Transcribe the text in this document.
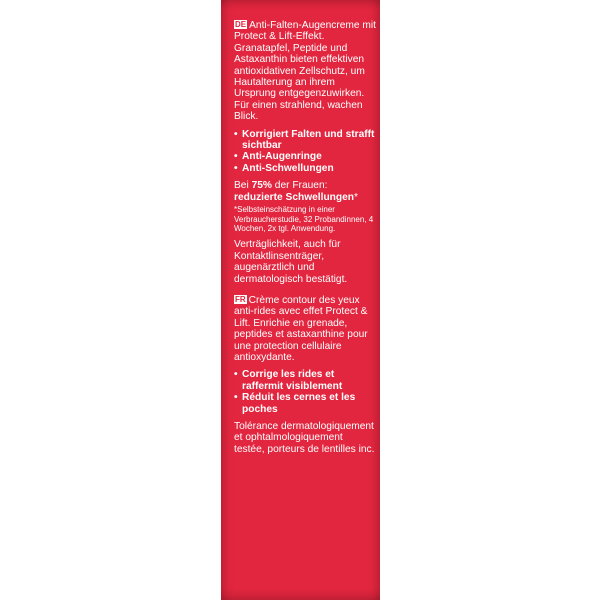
DE Anti-Falten-Augencreme mit Protect & Lift-Effekt. Granatapfel, Peptide und Astaxanthin bieten effektiven antioxidativen Zellschutz, um Hautalterung an ihrem Ursprung entgegenzuwirken. Für einen strahlend, wachen Blick.

• Korrigiert Falten und strafft sichtbar
• Anti-Augenringe
• Anti-Schwellungen

Bei 75% der Frauen: reduzierte Schwellungen*

*Selbsteinschätzung in einer Verbraucherstudie, 32 Probandinnen, 4 Wochen, 2x tgl. Anwendung.

Verträglichkeit, auch für Kontaktlinsenträger, augenärztlich und dermatologisch bestätigt.

FR Crème contour des yeux anti-rides avec effet Protect & Lift. Enrichie en grenade, peptides et astaxanthine pour une protection cellulaire antioxydante.

• Corrige les rides et raffermit visiblement
• Réduit les cernes et les poches

Tolérance dermatologiquement et ophtalmologiquement testée, porteurs de lentilles inc.
